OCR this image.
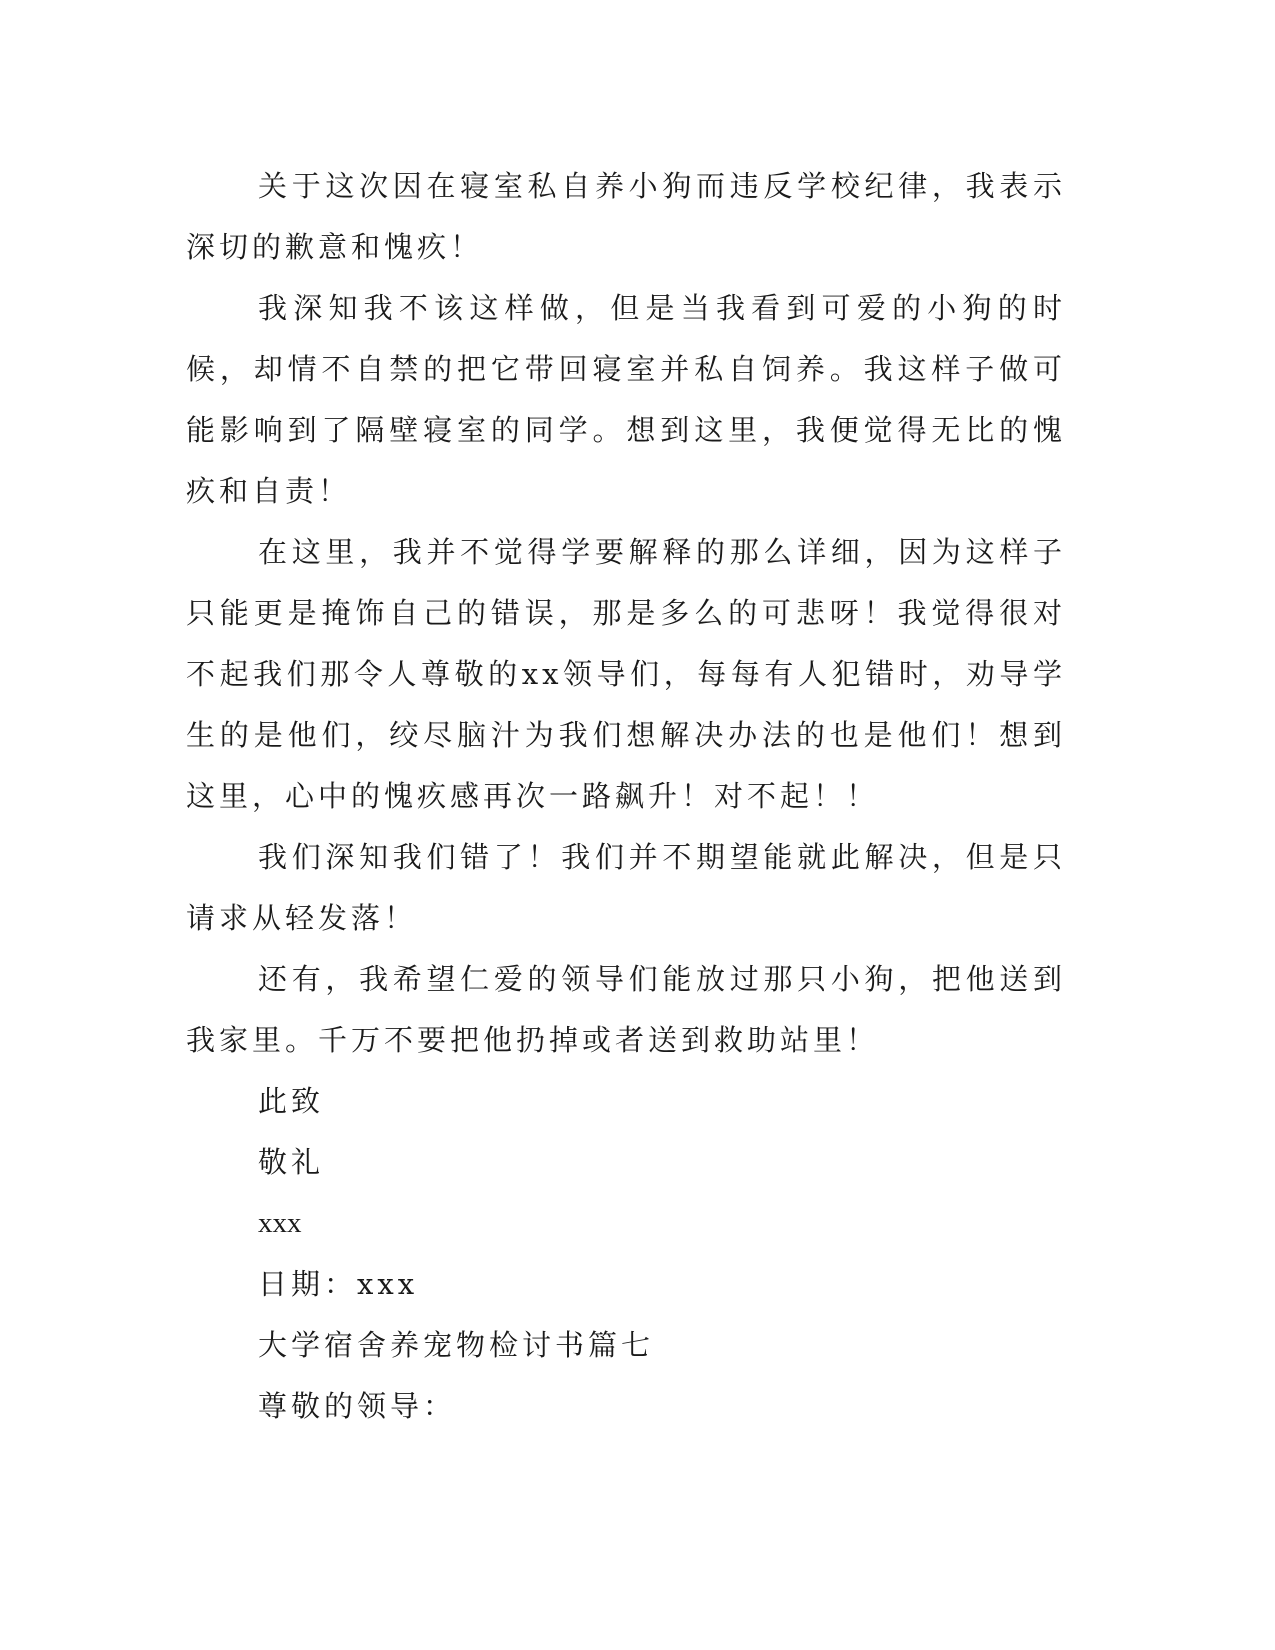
关于这次因在寝室私自养小狗而违反学校纪律，我表示深切的歉意和愧疚！

我深知我不该这样做，但是当我看到可爱的小狗的时候，却情不自禁的把它带回寝室并私自饲养。我这样子做可能影响到了隔壁寝室的同学。想到这里，我便觉得无比的愧疚和自责！

在这里，我并不觉得学要解释的那么详细，因为这样子只能更是掩饰自己的错误，那是多么的可悲呀！我觉得很对不起我们那令人尊敬的xx领导们，每每有人犯错时，劝导学生的是他们，绞尽脑汁为我们想解决办法的也是他们！想到这里，心中的愧疚感再次一路飙升！对不起！！

我们深知我们错了！我们并不期望能就此解决，但是只请求从轻发落！

还有，我希望仁爱的领导们能放过那只小狗，把他送到我家里。千万不要把他扔掉或者送到救助站里！

此致

敬礼

xxx

日期：xxx

大学宿舍养宠物检讨书篇七

尊敬的领导：
